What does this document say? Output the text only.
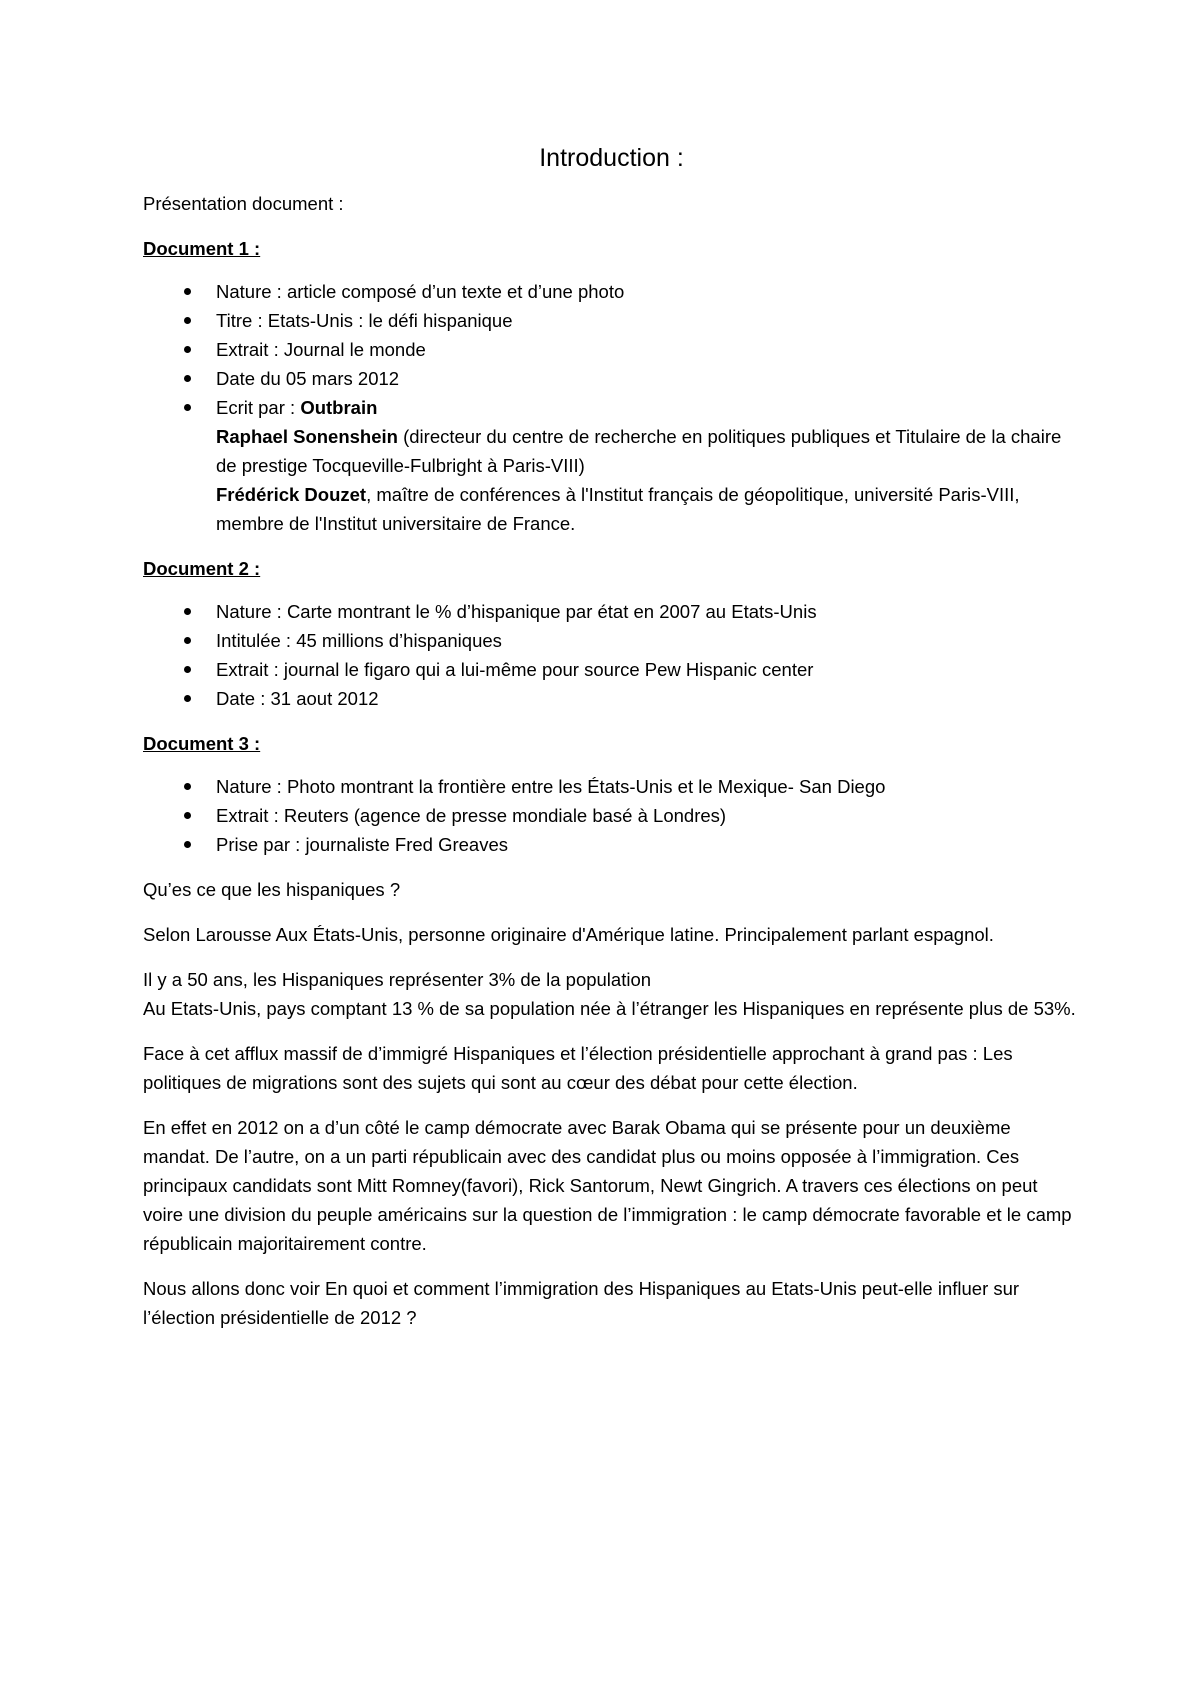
Introduction :

Présentation document :

Document 1 :

Nature : article composé d’un texte et d’une photo
Titre : Etats-Unis : le défi hispanique
Extrait : Journal le monde
Date du 05 mars 2012
Ecrit par : Outbrain
Raphael Sonenshein (directeur du centre de recherche en politiques publiques et Titulaire de la chaire de prestige Tocqueville-Fulbright à Paris-VIII)
Frédérick Douzet, maître de conférences à l'Institut français de géopolitique, université Paris-VIII, membre de l'Institut universitaire de France.

Document 2 :

Nature : Carte montrant le % d’hispanique par état en 2007 au Etats-Unis
Intitulée : 45 millions d’hispaniques
Extrait : journal le figaro qui a lui-même pour source Pew Hispanic center
Date : 31 aout 2012

Document 3 :

Nature : Photo montrant la frontière entre les États-Unis et le Mexique- San Diego
Extrait : Reuters (agence de presse mondiale basé à Londres)
Prise par : journaliste Fred Greaves

Qu’es ce que les hispaniques ?

Selon Larousse Aux États-Unis, personne originaire d'Amérique latine. Principalement parlant espagnol.

Il y a 50 ans, les Hispaniques représenter 3% de la population
Au Etats-Unis, pays comptant 13 % de sa population née à l’étranger les Hispaniques en représente plus de 53%.

Face à cet afflux massif de d’immigré Hispaniques et l’élection présidentielle approchant à grand pas : Les politiques de migrations sont des sujets qui sont au cœur des débat pour cette élection.

En effet en 2012 on a d’un côté le camp démocrate avec Barak Obama qui se présente pour un deuxième mandat. De l’autre, on a un parti républicain avec des candidat plus ou moins opposée à l’immigration. Ces principaux candidats sont Mitt Romney(favori), Rick Santorum, Newt Gingrich. A travers ces élections on peut voire une division du peuple américains sur la question de l’immigration : le camp démocrate favorable et le camp républicain majoritairement contre.

Nous allons donc voir En quoi et comment l’immigration des Hispaniques au Etats-Unis peut-elle influer sur l’élection présidentielle de 2012 ?
